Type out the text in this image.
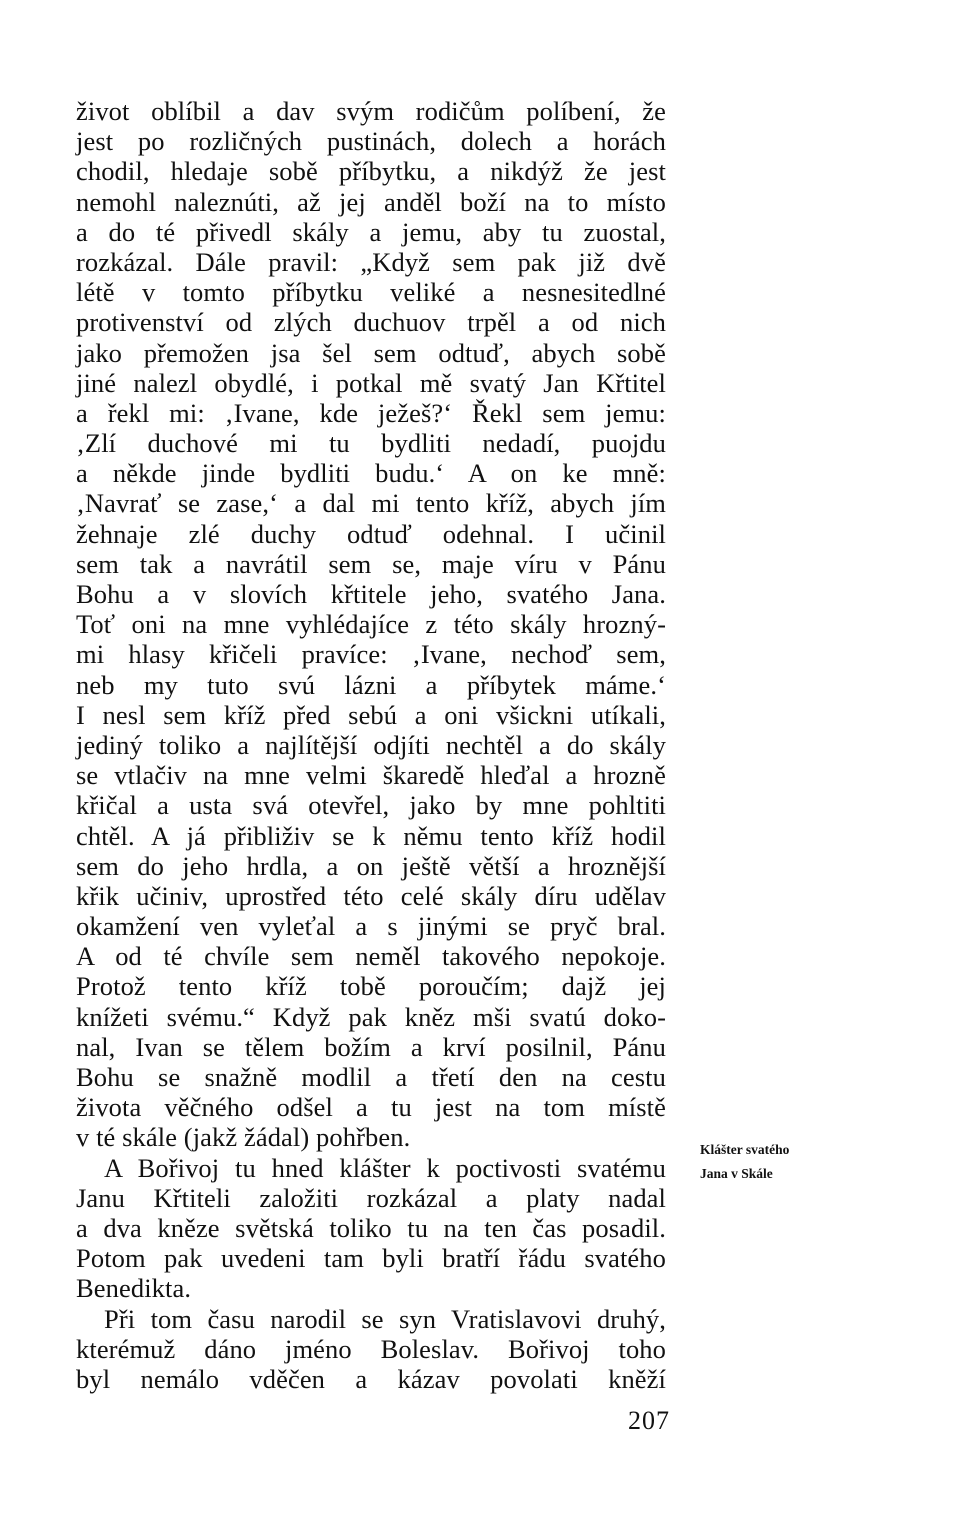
život oblíbil a dav svým rodičům políbení, že
jest po rozličných pustinách, dolech a horách
chodil, hledaje sobě příbytku, a nikdýž že jest
nemohl naleznúti, až jej anděl boží na to místo
a do té přivedl skály a jemu, aby tu zuostal,
rozkázal. Dále pravil: „Když sem pak již dvě
létě v tomto příbytku veliké a nesnesitedlné
protivenství od zlých duchuov trpěl a od nich
jako přemožen jsa šel sem odtuď, abych sobě
jiné nalezl obydlé, i potkal mě svatý Jan Křtitel
a řekl mi: ‚Ivane, kde ježeš?‘ Řekl sem jemu:
‚Zlí duchové mi tu bydliti nedadí, puojdu
a někde jinde bydliti budu.‘ A on ke mně:
‚Navrať se zase,‘ a dal mi tento kříž, abych jím
žehnaje zlé duchy odtuď odehnal. I učinil
sem tak a navrátil sem se, maje víru v Pánu
Bohu a v slovích křtitele jeho, svatého Jana.
Toť oni na mne vyhlédajíce z této skály hrozný-
mi hlasy křičeli pravíce: ‚Ivane, nechoď sem,
neb my tuto svú lázni a příbytek máme.‘
I nesl sem kříž před sebú a oni všickni utíkali,
jediný toliko a najlítější odjíti nechtěl a do skály
se vtlačiv na mne velmi škaredě hleďal a hrozně
křičal a usta svá otevřel, jako by mne pohltiti
chtěl. A já přibliživ se k němu tento kříž hodil
sem do jeho hrdla, a on ještě větší a hroznější
křik učiniv, uprostřed této celé skály díru udělav
okamžení ven vyleťal a s jinými se pryč bral.
A od té chvíle sem neměl takového nepokoje.
Protož tento kříž tobě poroučím; dajž jej
knížeti svému.“ Když pak kněz mši svatú doko-
nal, Ivan se tělem božím a krví posilnil, Pánu
Bohu se snažně modlil a třetí den na cestu
života věčného odšel a tu jest na tom místě
v té skále (jakž žádal) pohřben.
A Bořivoj tu hned klášter k poctivosti svatému
Janu Křtiteli založiti rozkázal a platy nadal
a dva kněze světská toliko tu na ten čas posadil.
Potom pak uvedeni tam byli bratří řádu svatého
Benedikta.
Při tom času narodil se syn Vratislavovi druhý,
kterémuž dáno jméno Boleslav. Bořivoj toho
byl nemálo vděčen a kázav povolati kněží
Klášter svatého
Jana v Skále
207
